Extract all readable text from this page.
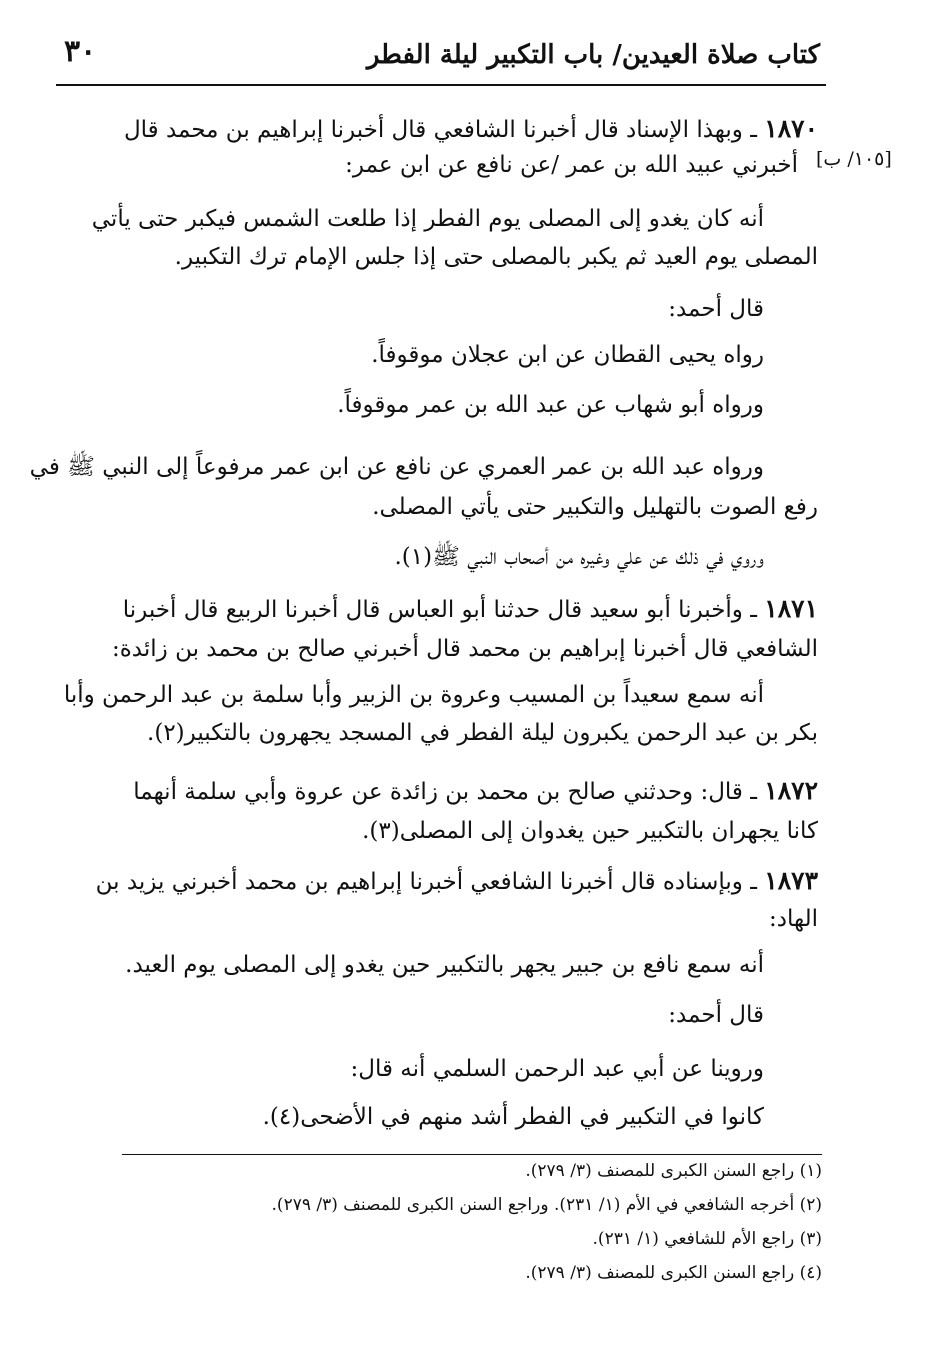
كتاب صلاة العيدين/ باب التكبير ليلة الفطر
٣٠
[١٠٥/ ب]
١٨٧٠ ـ وبهذا الإسناد قال أخبرنا الشافعي قال أخبرنا إبراهيم بن محمد قال
أخبرني عبيد الله بن عمر /عن نافع عن ابن عمر:
أنه كان يغدو إلى المصلى يوم الفطر إذا طلعت الشمس فيكبر حتى يأتي
المصلى يوم العيد ثم يكبر بالمصلى حتى إذا جلس الإمام ترك التكبير.
قال أحمد:
رواه يحيى القطان عن ابن عجلان موقوفاً.
ورواه أبو شهاب عن عبد الله بن عمر موقوفاً.
ورواه عبد الله بن عمر العمري عن نافع عن ابن عمر مرفوعاً إلى النبي ﷺ في
رفع الصوت بالتهليل والتكبير حتى يأتي المصلى.
وروي في ذلك عن علي وغيره من أصحاب النبي ﷺ(١).
١٨٧١ ـ وأخبرنا أبو سعيد قال حدثنا أبو العباس قال أخبرنا الربيع قال أخبرنا
الشافعي قال أخبرنا إبراهيم بن محمد قال أخبرني صالح بن محمد بن زائدة:
أنه سمع سعيداً بن المسيب وعروة بن الزبير وأبا سلمة بن عبد الرحمن وأبا
بكر بن عبد الرحمن يكبرون ليلة الفطر في المسجد يجهرون بالتكبير(٢).
١٨٧٢ ـ قال: وحدثني صالح بن محمد بن زائدة عن عروة وأبي سلمة أنهما
كانا يجهران بالتكبير حين يغدوان إلى المصلى(٣).
١٨٧٣ ـ وبإسناده قال أخبرنا الشافعي أخبرنا إبراهيم بن محمد أخبرني يزيد بن
الهاد:
أنه سمع نافع بن جبير يجهر بالتكبير حين يغدو إلى المصلى يوم العيد.
قال أحمد:
وروينا عن أبي عبد الرحمن السلمي أنه قال:
كانوا في التكبير في الفطر أشد منهم في الأضحى(٤).
(١) راجع السنن الكبرى للمصنف (٣/ ٢٧٩).
(٢) أخرجه الشافعي في الأم (١/ ٢٣١). وراجع السنن الكبرى للمصنف (٣/ ٢٧٩).
(٣) راجع الأم للشافعي (١/ ٢٣١).
(٤) راجع السنن الكبرى للمصنف (٣/ ٢٧٩).
